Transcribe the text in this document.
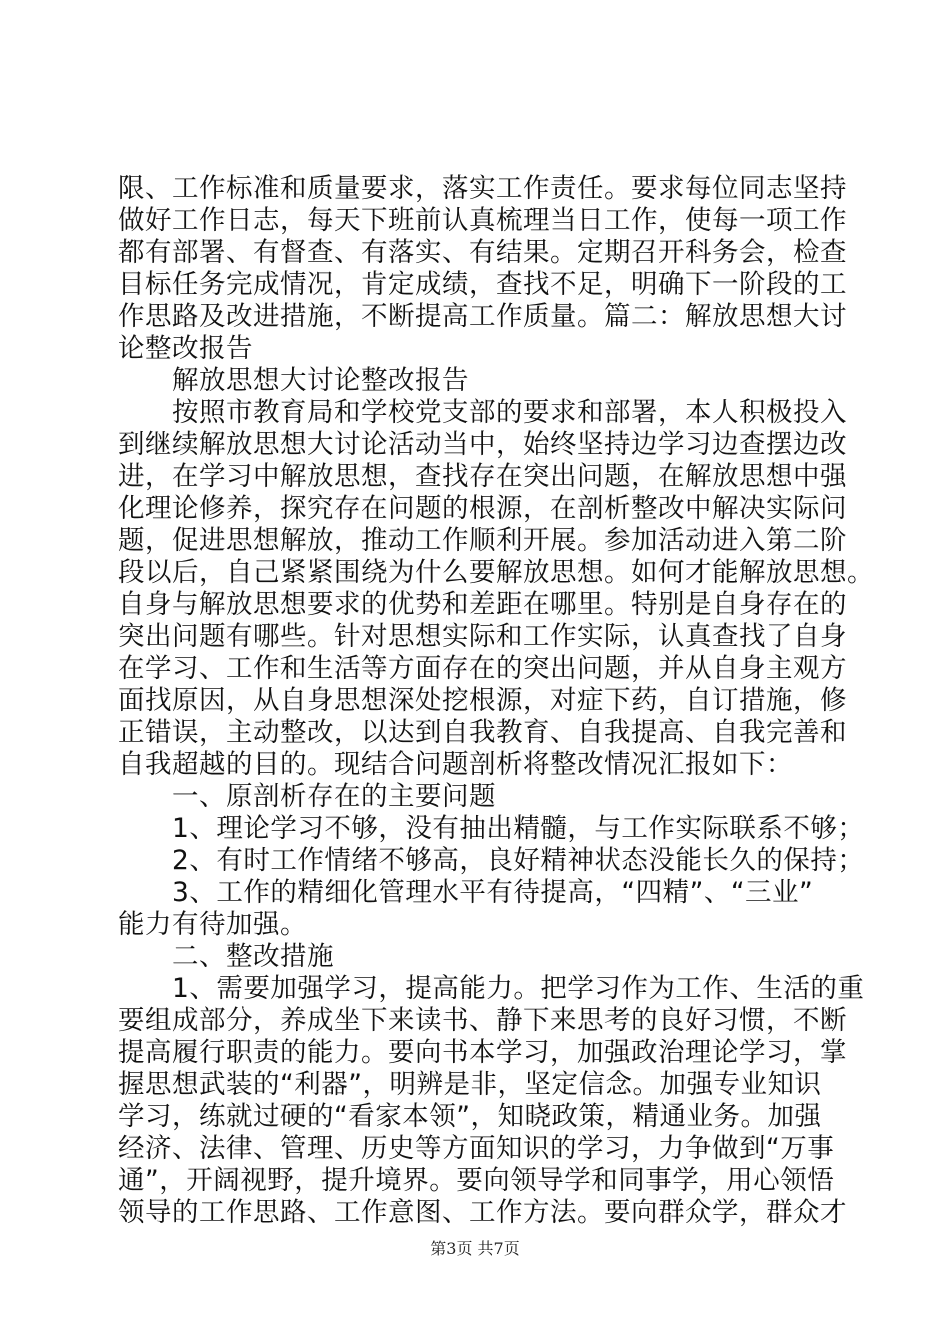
限、工作标准和质量要求，落实工作责任。要求每位同志坚持
做好工作日志，每天下班前认真梳理当日工作，使每一项工作
都有部署、有督查、有落实、有结果。定期召开科务会，检查
目标任务完成情况，肯定成绩，查找不足，明确下一阶段的工
作思路及改进措施，不断提高工作质量。篇二：解放思想大讨
论整改报告
　　解放思想大讨论整改报告
　　按照市教育局和学校党支部的要求和部署，本人积极投入
到继续解放思想大讨论活动当中，始终坚持边学习边查摆边改
进，在学习中解放思想，查找存在突出问题，在解放思想中强
化理论修养，探究存在问题的根源，在剖析整改中解决实际问
题，促进思想解放，推动工作顺利开展。参加活动进入第二阶
段以后，自己紧紧围绕为什么要解放思想。如何才能解放思想。
自身与解放思想要求的优势和差距在哪里。特别是自身存在的
突出问题有哪些。针对思想实际和工作实际，认真查找了自身
在学习、工作和生活等方面存在的突出问题，并从自身主观方
面找原因，从自身思想深处挖根源，对症下药，自订措施，修
正错误，主动整改，以达到自我教育、自我提高、自我完善和
自我超越的目的。现结合问题剖析将整改情况汇报如下：
　　一、原剖析存在的主要问题
　　1、理论学习不够，没有抽出精髓，与工作实际联系不够；
　　2、有时工作情绪不够高，良好精神状态没能长久的保持；
　　3、工作的精细化管理水平有待提高，“四精”、“三业”
能力有待加强。
　　二、整改措施
　　1、需要加强学习，提高能力。把学习作为工作、生活的重
要组成部分，养成坐下来读书、静下来思考的良好习惯，不断
提高履行职责的能力。要向书本学习，加强政治理论学习，掌
握思想武装的“利器”，明辨是非，坚定信念。加强专业知识
学习，练就过硬的“看家本领”，知晓政策，精通业务。加强
经济、法律、管理、历史等方面知识的学习，力争做到“万事
通”，开阔视野，提升境界。要向领导学和同事学，用心领悟
领导的工作思路、工作意图、工作方法。要向群众学，群众才
第3页 共7页
